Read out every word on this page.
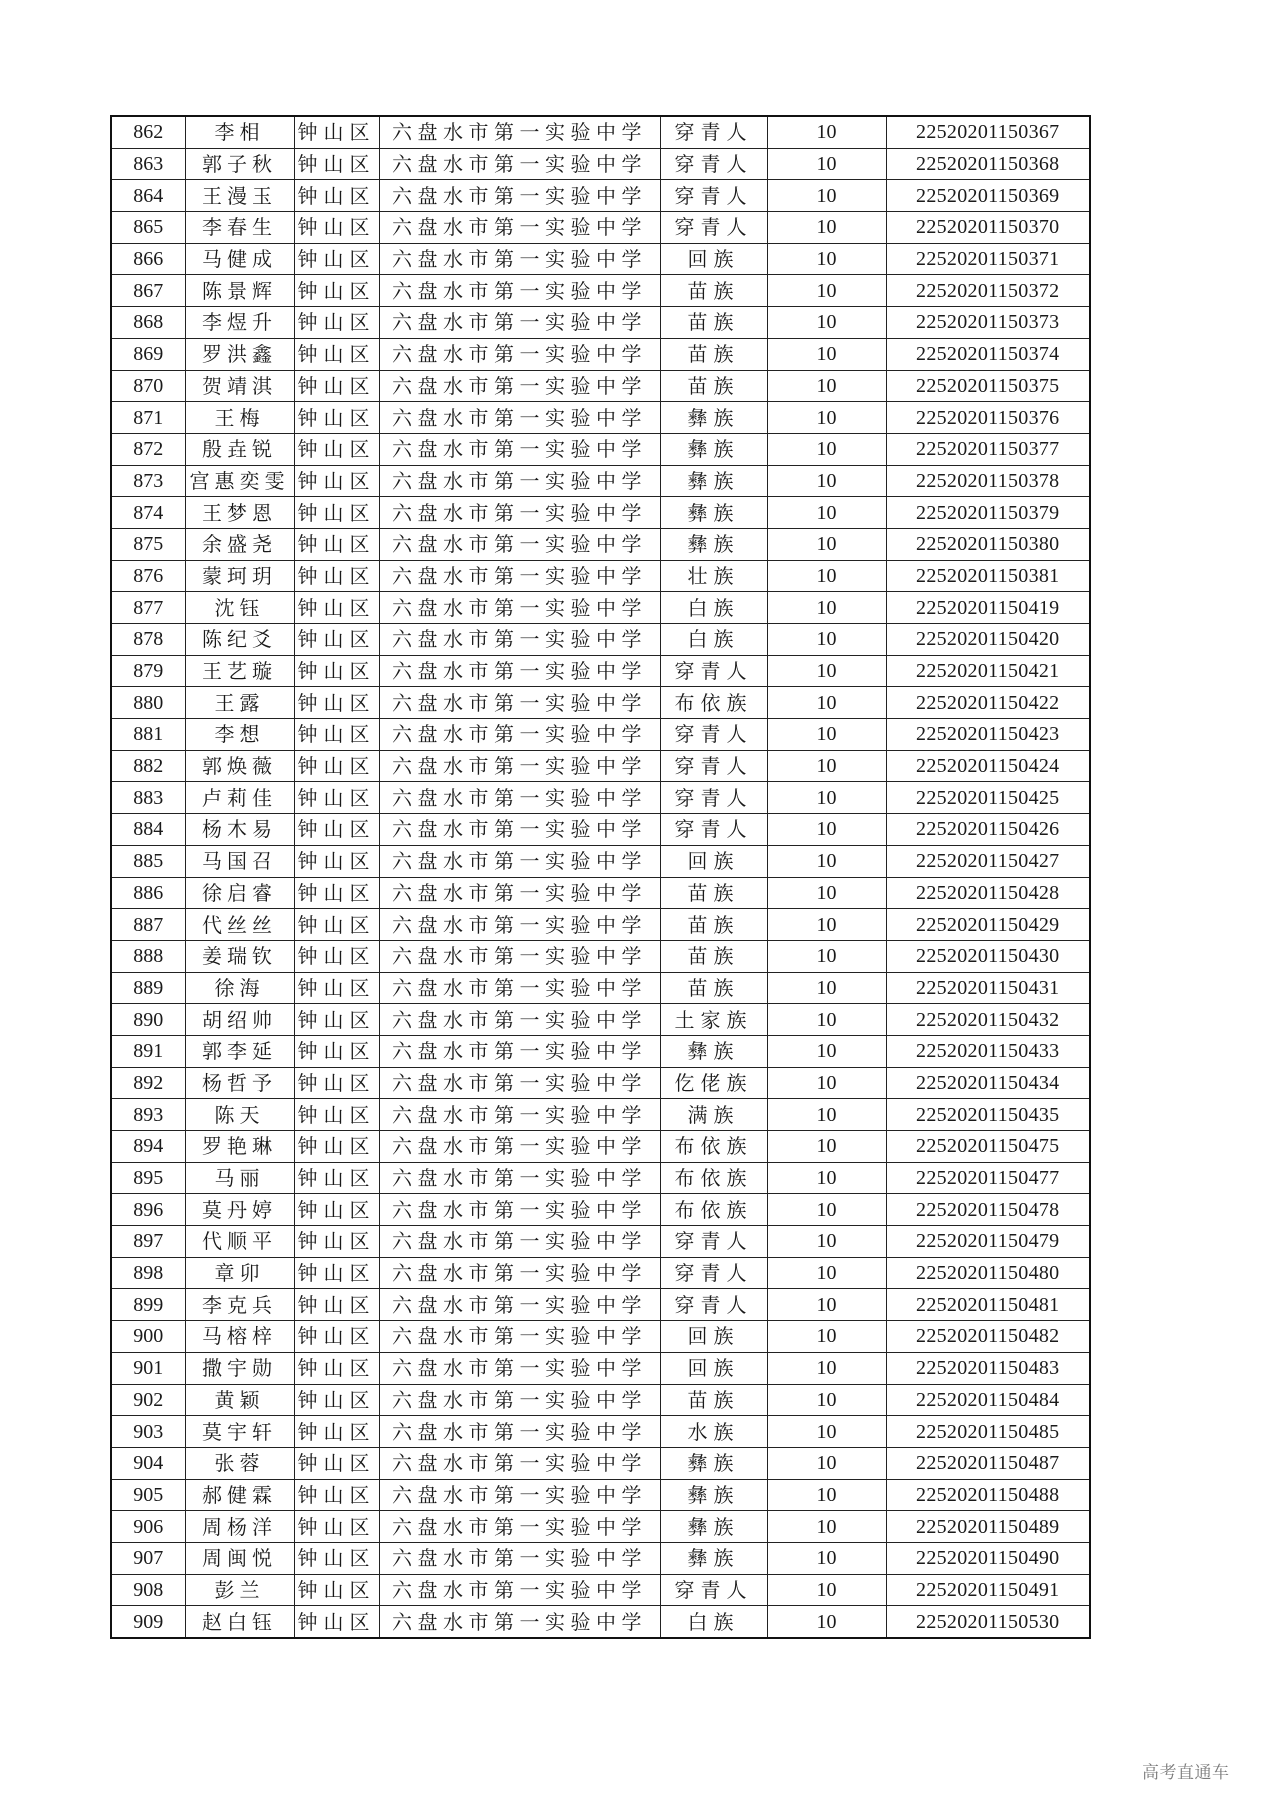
862	李相	钟山区	六盘水市第一实验中学	穿青人	10	22520201150367
863	郭子秋	钟山区	六盘水市第一实验中学	穿青人	10	22520201150368
864	王漫玉	钟山区	六盘水市第一实验中学	穿青人	10	22520201150369
865	李春生	钟山区	六盘水市第一实验中学	穿青人	10	22520201150370
866	马健成	钟山区	六盘水市第一实验中学	回族	10	22520201150371
867	陈景辉	钟山区	六盘水市第一实验中学	苗族	10	22520201150372
868	李煜升	钟山区	六盘水市第一实验中学	苗族	10	22520201150373
869	罗洪鑫	钟山区	六盘水市第一实验中学	苗族	10	22520201150374
870	贺靖淇	钟山区	六盘水市第一实验中学	苗族	10	22520201150375
871	王梅	钟山区	六盘水市第一实验中学	彝族	10	22520201150376
872	殷垚锐	钟山区	六盘水市第一实验中学	彝族	10	22520201150377
873	宫惠奕雯	钟山区	六盘水市第一实验中学	彝族	10	22520201150378
874	王梦恩	钟山区	六盘水市第一实验中学	彝族	10	22520201150379
875	余盛尧	钟山区	六盘水市第一实验中学	彝族	10	22520201150380
876	蒙珂玥	钟山区	六盘水市第一实验中学	壮族	10	22520201150381
877	沈钰	钟山区	六盘水市第一实验中学	白族	10	22520201150419
878	陈纪爻	钟山区	六盘水市第一实验中学	白族	10	22520201150420
879	王艺璇	钟山区	六盘水市第一实验中学	穿青人	10	22520201150421
880	王露	钟山区	六盘水市第一实验中学	布依族	10	22520201150422
881	李想	钟山区	六盘水市第一实验中学	穿青人	10	22520201150423
882	郭焕薇	钟山区	六盘水市第一实验中学	穿青人	10	22520201150424
883	卢莉佳	钟山区	六盘水市第一实验中学	穿青人	10	22520201150425
884	杨木易	钟山区	六盘水市第一实验中学	穿青人	10	22520201150426
885	马国召	钟山区	六盘水市第一实验中学	回族	10	22520201150427
886	徐启睿	钟山区	六盘水市第一实验中学	苗族	10	22520201150428
887	代丝丝	钟山区	六盘水市第一实验中学	苗族	10	22520201150429
888	姜瑞钦	钟山区	六盘水市第一实验中学	苗族	10	22520201150430
889	徐海	钟山区	六盘水市第一实验中学	苗族	10	22520201150431
890	胡绍帅	钟山区	六盘水市第一实验中学	土家族	10	22520201150432
891	郭李延	钟山区	六盘水市第一实验中学	彝族	10	22520201150433
892	杨哲予	钟山区	六盘水市第一实验中学	仡佬族	10	22520201150434
893	陈天	钟山区	六盘水市第一实验中学	满族	10	22520201150435
894	罗艳琳	钟山区	六盘水市第一实验中学	布依族	10	22520201150475
895	马丽	钟山区	六盘水市第一实验中学	布依族	10	22520201150477
896	莫丹婷	钟山区	六盘水市第一实验中学	布依族	10	22520201150478
897	代顺平	钟山区	六盘水市第一实验中学	穿青人	10	22520201150479
898	章卯	钟山区	六盘水市第一实验中学	穿青人	10	22520201150480
899	李克兵	钟山区	六盘水市第一实验中学	穿青人	10	22520201150481
900	马榕梓	钟山区	六盘水市第一实验中学	回族	10	22520201150482
901	撒宇勋	钟山区	六盘水市第一实验中学	回族	10	22520201150483
902	黄颖	钟山区	六盘水市第一实验中学	苗族	10	22520201150484
903	莫宇轩	钟山区	六盘水市第一实验中学	水族	10	22520201150485
904	张蓉	钟山区	六盘水市第一实验中学	彝族	10	22520201150487
905	郝健霖	钟山区	六盘水市第一实验中学	彝族	10	22520201150488
906	周杨洋	钟山区	六盘水市第一实验中学	彝族	10	22520201150489
907	周闽悦	钟山区	六盘水市第一实验中学	彝族	10	22520201150490
908	彭兰	钟山区	六盘水市第一实验中学	穿青人	10	22520201150491
909	赵白钰	钟山区	六盘水市第一实验中学	白族	10	22520201150530
高考直通车
